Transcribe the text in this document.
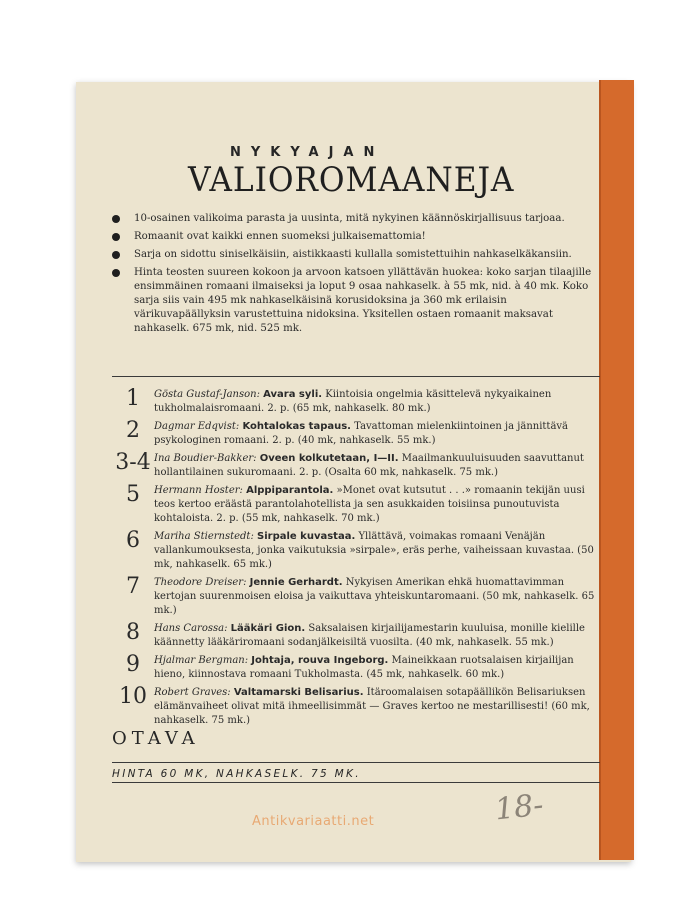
NYKYAJAN
VALIOROMAANEJA
10-osainen valikoima parasta ja uusinta, mitä nykyinen käännöskirjallisuus tarjoaa.
Romaanit ovat kaikki ennen suomeksi julkaisemattomia!
Sarja on sidottu siniselkäisiin, aistikkaasti kullalla somistettuihin nahkaselkäkansiin.
Hinta teosten suureen kokoon ja arvoon katsoen yllättävän huokea: koko sarjan tilaajille ensimmäinen romaani ilmaiseksi ja loput 9 osaa nahkaselk. à 55 mk, nid. à 40 mk. Koko sarja siis vain 495 mk nahkaselkäisinä korusidoksina ja 360 mk erilaisin värikuvapäällyksin varustettuina nidoksina. Yksitellen ostaen romaanit maksavat nahkaselk. 675 mk, nid. 525 mk.
1	Gösta Gustaf-Janson: Avara syli. Kiintoisia ongelmia käsittelevä nykyaikainen tukholmalaisromaani. 2. p. (65 mk, nahkaselk. 80 mk.)
2	Dagmar Edqvist: Kohtalokas tapaus. Tavattoman mielenkiintoinen ja jännittävä psykologinen romaani. 2. p. (40 mk, nahkaselk. 55 mk.)
3-4 Ina Boudier-Bakker: Oveen kolkutetaan, I—II. Maailmankuuluisuuden saavuttanut hollantilainen sukuromaani. 2. p. (Osalta 60 mk, nahkaselk. 75 mk.)
5	Hermann Hoster: Alppiparantola. »Monet ovat kutsutut . . .» romaanin tekijän uusi teos kertoo eräästä parantolahotellista ja sen asukkaiden toisiinsa punoutuvista kohtaloista. 2. p. (55 mk, nahkaselk. 70 mk.)
6	Mariha Stiernstedt: Sirpale kuvastaa. Yllättävä, voimakas romaani Venäjän vallankumouksesta, jonka vaikutuksia »sirpale», eräs perhe, vaiheissaan kuvastaa. (50 mk, nahkaselk. 65 mk.)
7	Theodore Dreiser: Jennie Gerhardt. Nykyisen Amerikan ehkä huomattavimman kertojan suurenmoisen eloisa ja vaikuttava yhteiskuntaromaani. (50 mk, nahkaselk. 65 mk.)
8	Hans Carossa: Lääkäri Gion. Saksalaisen kirjailijamestarin kuuluisa, monille kielille käännetty lääkäriromaani sodanjälkeisiltä vuosilta. (40 mk, nahkaselk. 55 mk.)
9	Hjalmar Bergman: Johtaja, rouva Ingeborg. Maineikkaan ruotsalaisen kirjailijan hieno, kiinnostava romaani Tukholmasta. (45 mk, nahkaselk. 60 mk.)
10 Robert Graves: Valtamarski Belisarius. Itäroomalaisen sotapäällikön Belisariuksen elämänvaiheet olivat mitä ihmeellisimmät — Graves kertoo ne mestarillisesti! (60 mk, nahkaselk. 75 mk.)
OTAVA
HINTA 60 MK, NAHKASELK. 75 MK.
Antikvariaatti.net	18-
